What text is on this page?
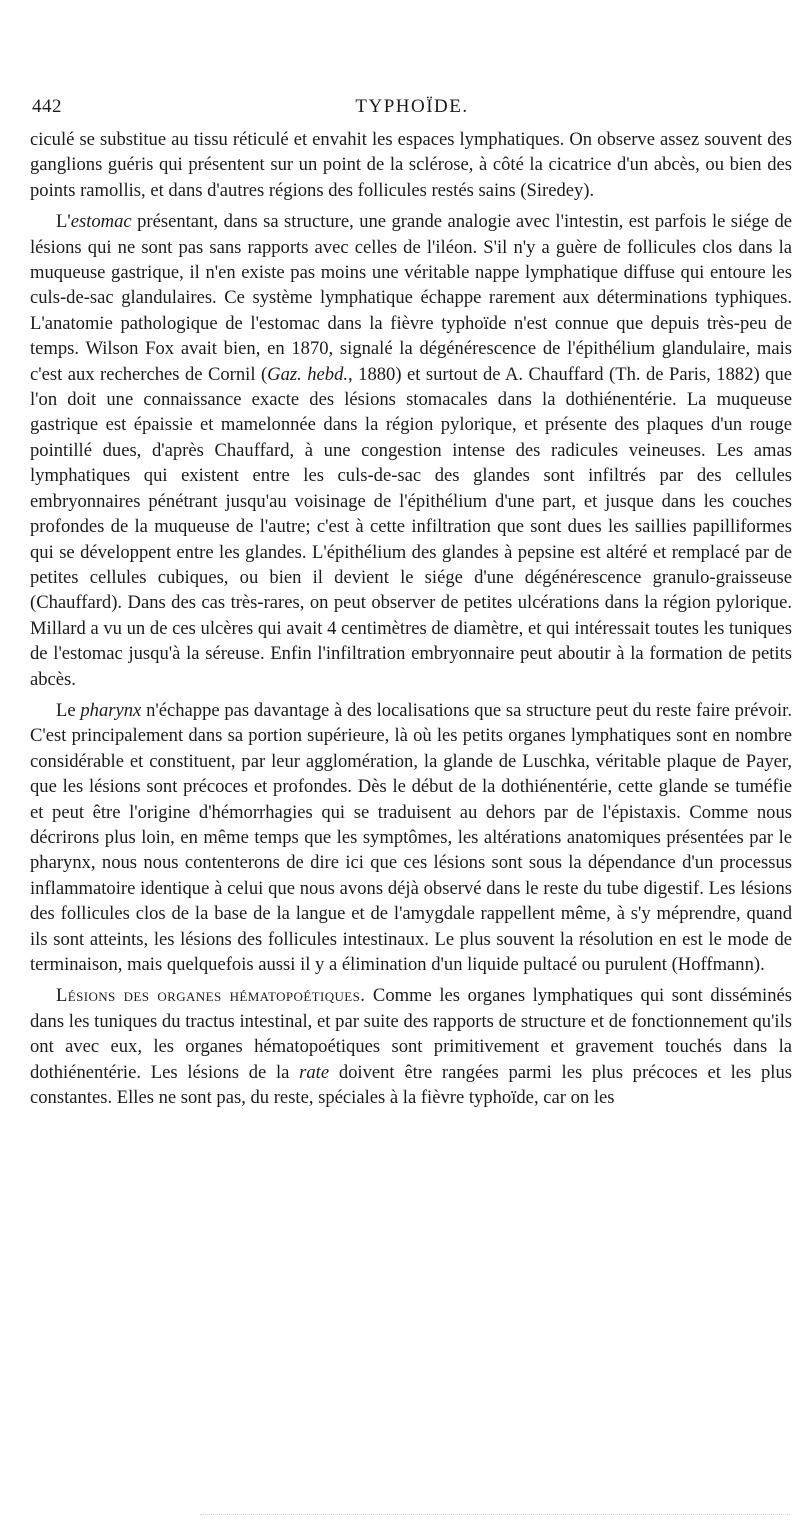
442	TYPHOÏDE.

ciculé se substitue au tissu réticulé et envahit les espaces lymphatiques. On observe assez souvent des ganglions guéris qui présentent sur un point de la sclérose, à côté la cicatrice d'un abcès, ou bien des points ramollis, et dans d'autres régions des follicules restés sains (Siredey).

L'estomac présentant, dans sa structure, une grande analogie avec l'intestin, est parfois le siége de lésions qui ne sont pas sans rapports avec celles de l'iléon. S'il n'y a guère de follicules clos dans la muqueuse gastrique, il n'en existe pas moins une véritable nappe lymphatique diffuse qui entoure les culs-de-sac glandulaires. Ce système lymphatique échappe rarement aux déterminations typhiques. L'anatomie pathologique de l'estomac dans la fièvre typhoïde n'est connue que depuis très-peu de temps. Wilson Fox avait bien, en 1870, signalé la dégénérescence de l'épithélium glandulaire, mais c'est aux recherches de Cornil (Gaz. hebd., 1880) et surtout de A. Chauffard (Th. de Paris, 1882) que l'on doit une connaissance exacte des lésions stomacales dans la dothiénentérie. La muqueuse gastrique est épaissie et mamelonnée dans la région pylorique, et présente des plaques d'un rouge pointillé dues, d'après Chauffard, à une congestion intense des radicules veineuses. Les amas lymphatiques qui existent entre les culs-de-sac des glandes sont infiltrés par des cellules embryonnaires pénétrant jusqu'au voisinage de l'épithélium d'une part, et jusque dans les couches profondes de la muqueuse de l'autre; c'est à cette infiltration que sont dues les saillies papilliformes qui se développent entre les glandes. L'épithélium des glandes à pepsine est altéré et remplacé par de petites cellules cubiques, ou bien il devient le siége d'une dégénérescence granulo-graisseuse (Chauffard). Dans des cas très-rares, on peut observer de petites ulcérations dans la région pylorique. Millard a vu un de ces ulcères qui avait 4 centimètres de diamètre, et qui intéressait toutes les tuniques de l'estomac jusqu'à la séreuse. Enfin l'infiltration embryonnaire peut aboutir à la formation de petits abcès.

Le pharynx n'échappe pas davantage à des localisations que sa structure peut du reste faire prévoir. C'est principalement dans sa portion supérieure, là où les petits organes lymphatiques sont en nombre considérable et constituent, par leur agglomération, la glande de Luschka, véritable plaque de Payer, que les lésions sont précoces et profondes. Dès le début de la dothiénentérie, cette glande se tuméfie et peut être l'origine d'hémorrhagies qui se traduisent au dehors par de l'épistaxis. Comme nous décrirons plus loin, en même temps que les symptômes, les altérations anatomiques présentées par le pharynx, nous nous contenterons de dire ici que ces lésions sont sous la dépendance d'un processus inflammatoire identique à celui que nous avons déjà observé dans le reste du tube digestif. Les lésions des follicules clos de la base de la langue et de l'amygdale rappellent même, à s'y méprendre, quand ils sont atteints, les lésions des follicules intestinaux. Le plus souvent la résolution en est le mode de terminaison, mais quelquefois aussi il y a élimination d'un liquide pultacé ou purulent (Hoffmann).

Lésions des organes hématopoétiques. Comme les organes lymphatiques qui sont disséminés dans les tuniques du tractus intestinal, et par suite des rapports de structure et de fonctionnement qu'ils ont avec eux, les organes hématopoétiques sont primitivement et gravement touchés dans la dothiénentérie. Les lésions de la rate doivent être rangées parmi les plus précoces et les plus constantes. Elles ne sont pas, du reste, spéciales à la fièvre typhoïde, car on les
